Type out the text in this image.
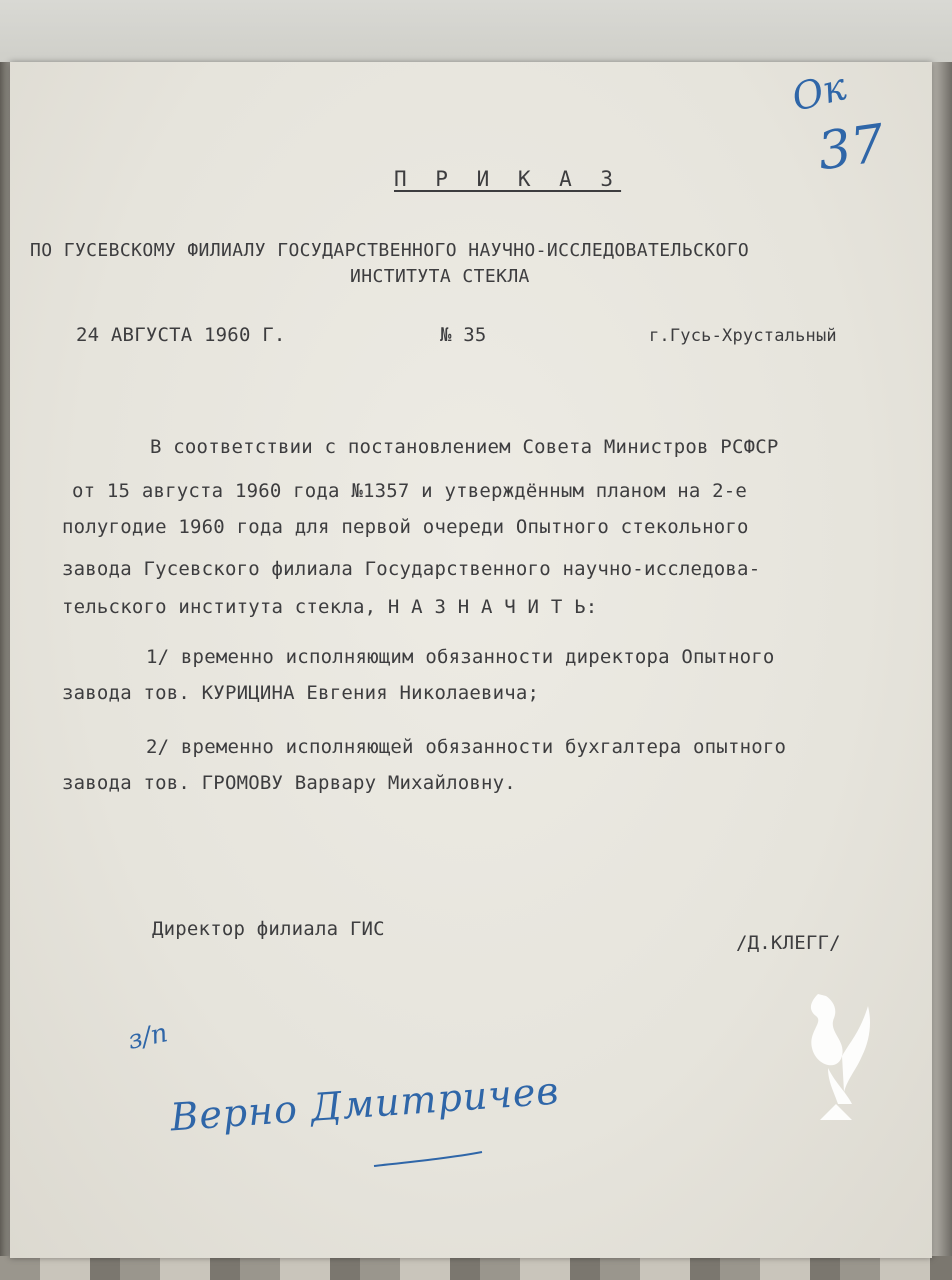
Ок
37
П Р И К А З
ПО ГУСЕВСКОМУ ФИЛИАЛУ ГОСУДАРСТВЕННОГО НАУЧНО-ИССЛЕДОВАТЕЛЬСКОГО
ИНСТИТУТА СТЕКЛА
24 АВГУСТА 1960 Г.	№ 35	г.Гусь-Хрустальный
В соответствии с постановлением Совета Министров РСФСР
от 15 августа 1960 года №1357 и утверждённым планом на 2-е
полугодие 1960 года для первой очереди Опытного стекольного
завода Гусевского филиала Государственного научно-исследова-
тельского института стекла, Н А З Н А Ч И Т Ь:
1/ временно исполняющим обязанности директора Опытного
завода тов. КУРИЦИНА Евгения Николаевича;
2/ временно исполняющей обязанности бухгалтера опытного
завода тов. ГРОМОВУ Варвару Михайловну.
Директор филиала ГИС
/Д.КЛЕГГ/
з/п
Верно Дмитричев
